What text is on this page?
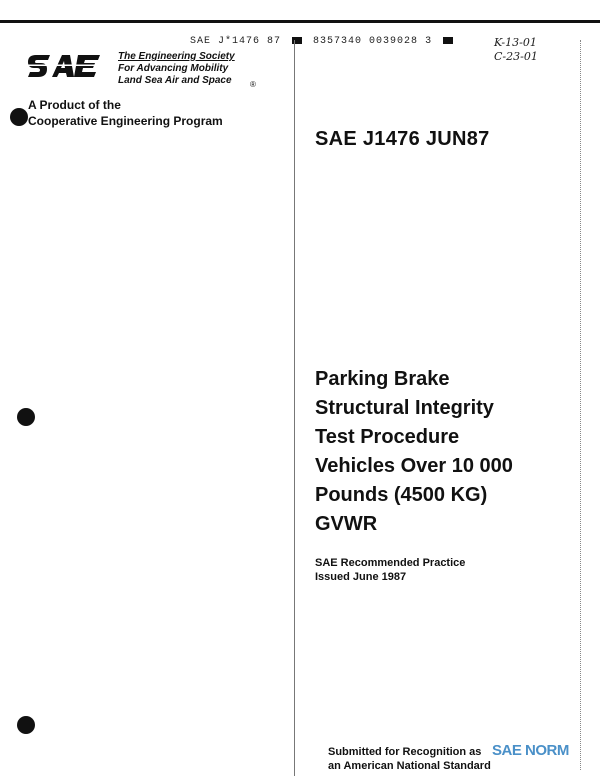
SAE J*1476 87	8357340 0039028 3	K-13-01
C-23-01
The Engineering Society
For Advancing Mobility
Land Sea Air and Space	®
A Product of the
Cooperative Engineering Program
SAE J1476 JUN87
Parking Brake
Structural Integrity
Test Procedure
Vehicles Over 10 000
Pounds (4500 KG)
GVWR
SAE Recommended Practice
Issued June 1987
Submitted for Recognition as
an American National Standard
SAE NORM
